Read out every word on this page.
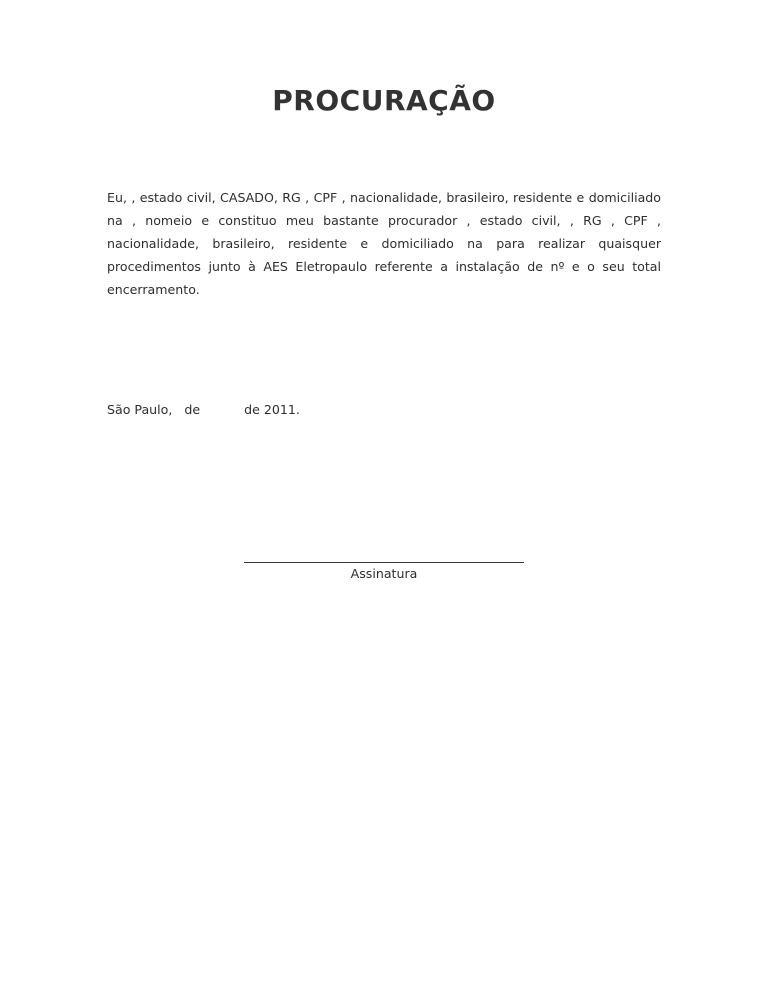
PROCURAÇÃO

Eu, , estado civil, CASADO, RG , CPF , nacionalidade, brasileiro, residente e domiciliado na , nomeio e constituo meu bastante procurador , estado civil, , RG , CPF , nacionalidade, brasileiro, residente e domiciliado na para realizar quaisquer procedimentos junto à AES Eletropaulo referente a instalação de nº e o seu total encerramento.

São Paulo,   de           de 2011.
Assinatura
